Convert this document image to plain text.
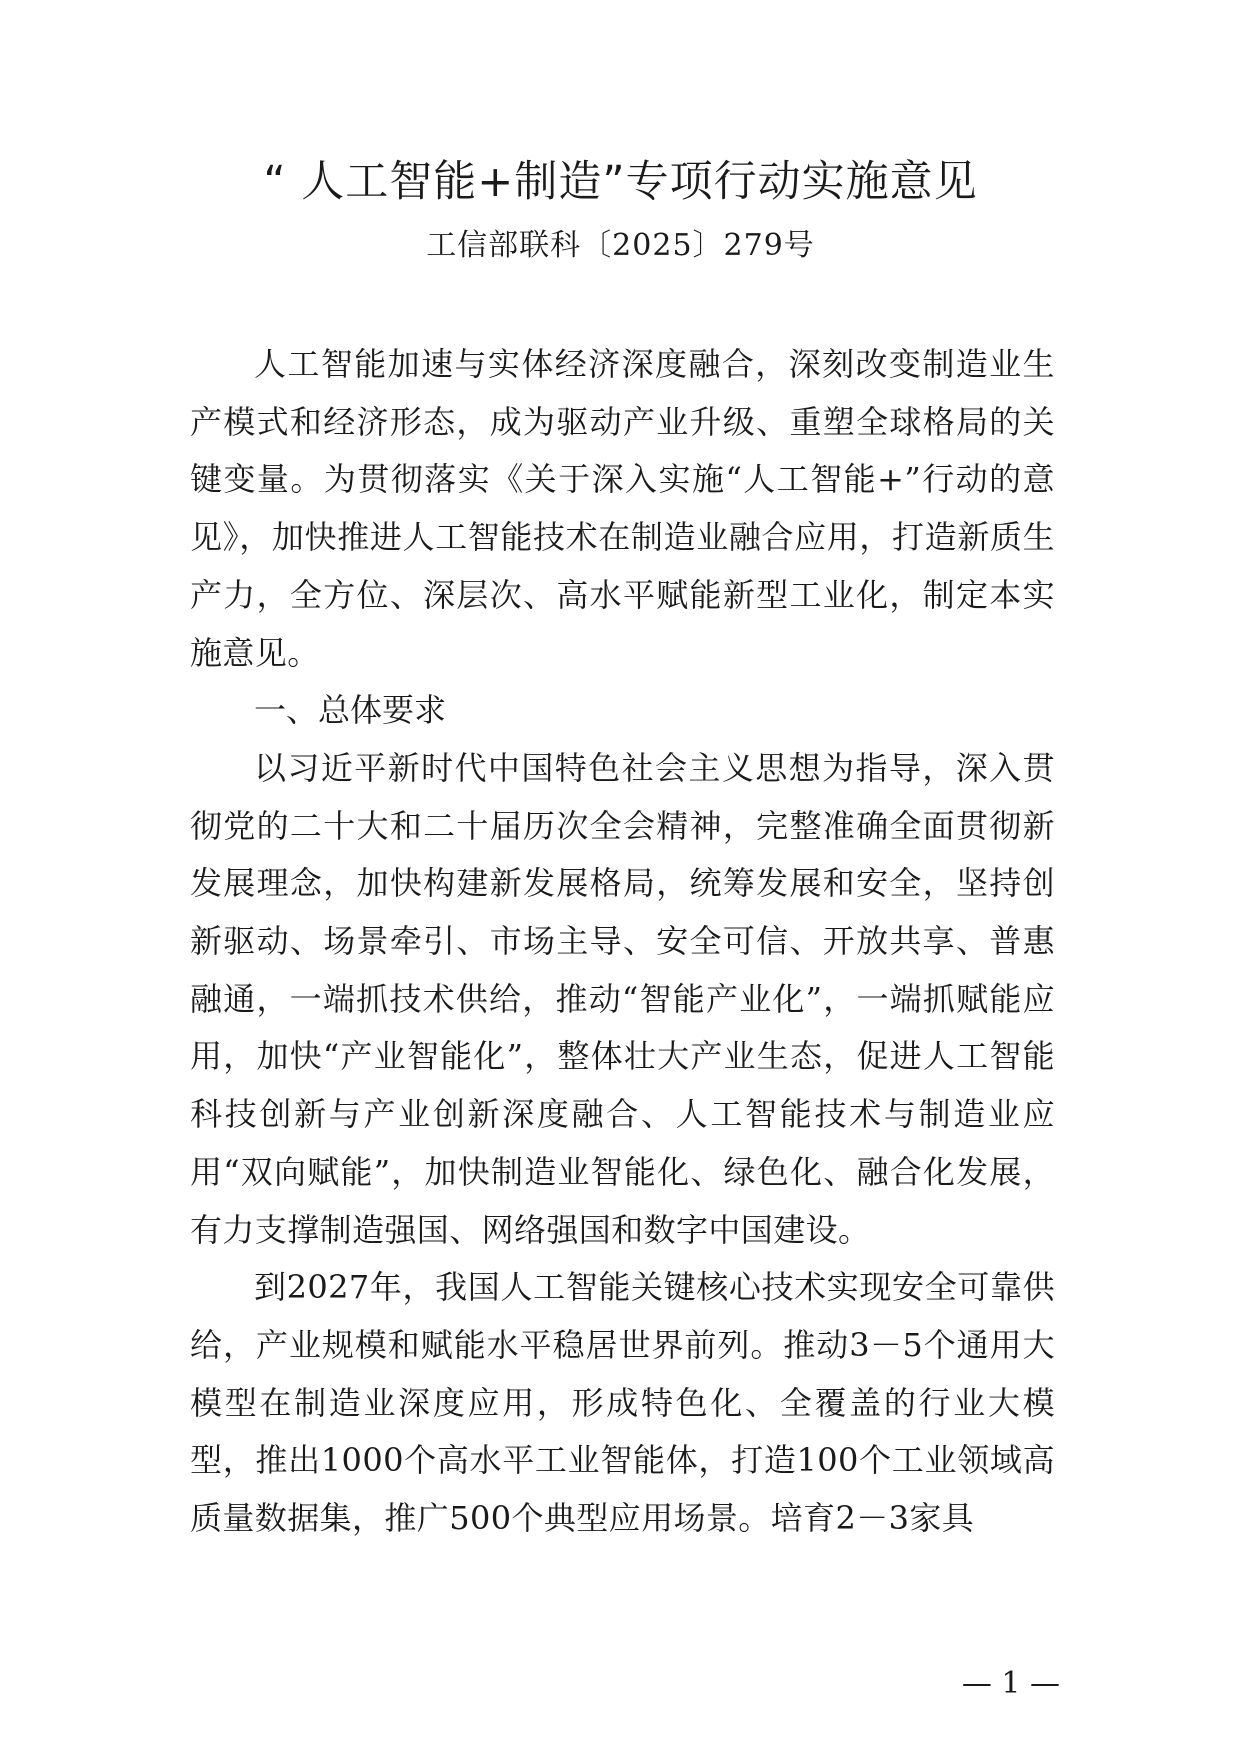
“ 人工智能+制造”专项行动实施意见
工信部联科〔2025〕279号

人工智能加速与实体经济深度融合，深刻改变制造业生产模式和经济形态，成为驱动产业升级、重塑全球格局的关键变量。为贯彻落实《关于深入实施“人工智能+”行动的意见》，加快推进人工智能技术在制造业融合应用，打造新质生产力，全方位、深层次、高水平赋能新型工业化，制定本实施意见。

一、总体要求

以习近平新时代中国特色社会主义思想为指导，深入贯彻党的二十大和二十届历次全会精神，完整准确全面贯彻新发展理念，加快构建新发展格局，统筹发展和安全，坚持创新驱动、场景牵引、市场主导、安全可信、开放共享、普惠融通，一端抓技术供给，推动“智能产业化”，一端抓赋能应用，加快“产业智能化”，整体壮大产业生态，促进人工智能科技创新与产业创新深度融合、人工智能技术与制造业应用“双向赋能”，加快制造业智能化、绿色化、融合化发展，有力支撑制造强国、网络强国和数字中国建设。

到2027年，我国人工智能关键核心技术实现安全可靠供给，产业规模和赋能水平稳居世界前列。推动3－5个通用大模型在制造业深度应用，形成特色化、全覆盖的行业大模型，推出1000个高水平工业智能体，打造100个工业领域高质量数据集，推广500个典型应用场景。培育2－3家具

— 1 —
